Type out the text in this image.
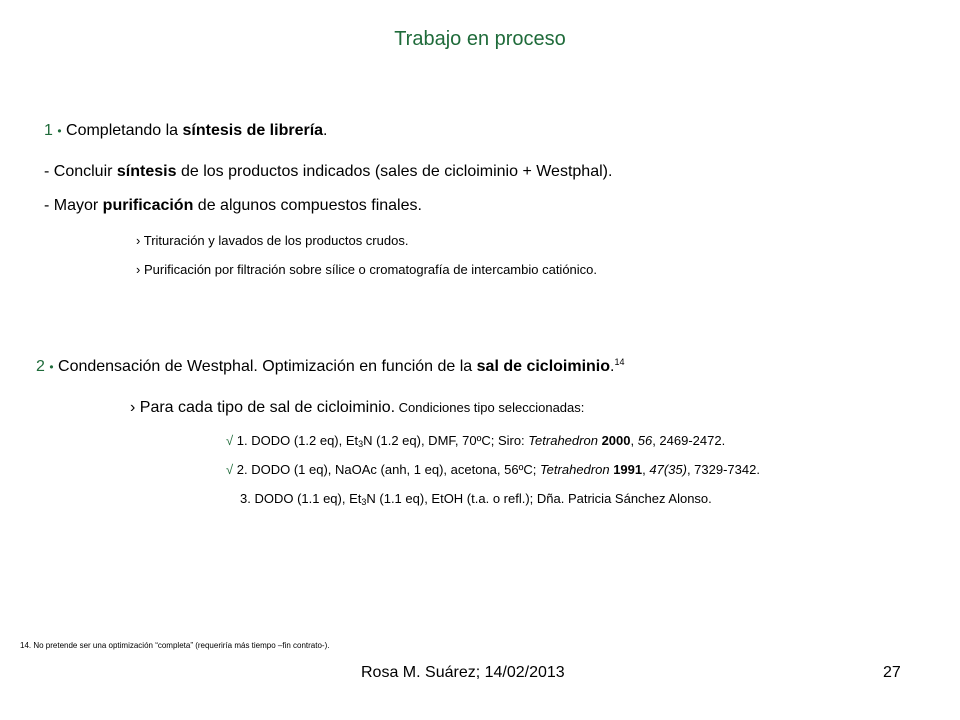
Trabajo en proceso
1 • Completando la síntesis de librería.
- Concluir síntesis de los productos indicados (sales de cicloiminio + Westphal).
- Mayor purificación de algunos compuestos finales.
› Trituración y lavados de los productos crudos.
› Purificación por filtración sobre sílice o cromatografía de intercambio catiónico.
2 • Condensación de Westphal. Optimización en función de la sal de cicloiminio.$^{14}$
› Para cada tipo de sal de cicloiminio. Condiciones tipo seleccionadas:
√ 1. DODO (1.2 eq), $Et_3N$ (1.2 eq), DMF, 70ºC; Siro: Tetrahedron 2000, 56, 2469-2472.
√ 2. DODO (1 eq), NaOAc (anh, 1 eq), acetona, 56ºC; Tetrahedron 1991, 47(35), 7329-7342.
3. DODO (1.1 eq), $Et_3N$ (1.1 eq), EtOH (t.a. o refl.); Dña. Patricia Sánchez Alonso.
14. No pretende ser una optimización “completa” (requeriría más tiempo –fin contrato-).
Rosa M. Suárez; 14/02/2013	27
